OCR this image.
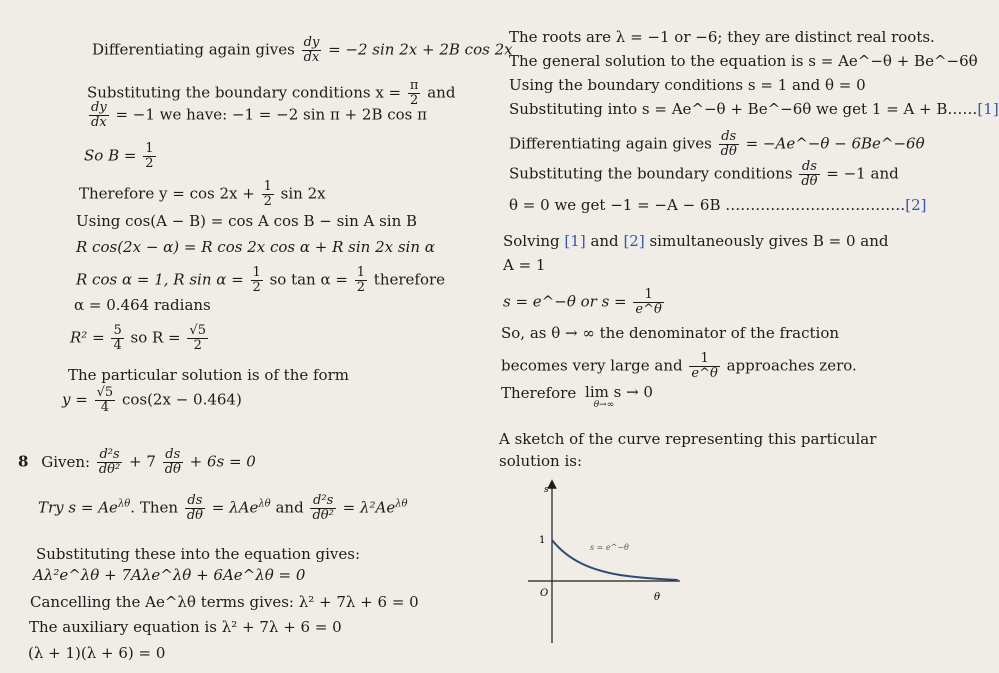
Differentiating again gives $\frac{dy}{dx} = -2$ sin 2x + 2B cos 2x
Substituting the boundary conditions $x = \frac{\pi}{2}$ and
$\frac{dy}{dx} = -1$ we have: −1 = −2 sin π + 2B cos π
So $B = \frac{1}{2}$
Therefore $y = \cos 2x + \frac{1}{2}$ sin 2x
Using cos(A − B) = cos A cos B − sin A sin B
R cos(2x − α) = R cos 2x cos α + R sin 2x sin α
R cos α = 1, R $\sin \alpha = \frac{1}{2}$ so $\tan \alpha = \frac{1}{2}$ therefore
α = 0.464 radians
$R^2 = \frac{5}{4}$ so $R = \frac{√5}{2}$
The particular solution is of the form
$y = \frac{√5}{4} \cos(2x - 0.464)$
8 Given: $\frac{\text{d²s}}{\text{dθ²}} + 7 \frac{ds}{d\theta} + 6s = 0$
Try $s = Ae^{\lambda\theta}$. Then $\frac{ds}{d\theta} = \lambda Ae^{\lambda\theta}$ and $\frac{\text{d²s}}{\text{dθ²}} = \lambda^2Ae^{\lambda\theta}$
Substituting these into the equation gives:
Aλ²e^λθ + 7Aλe^λθ + 6Ae^λθ = 0
Cancelling the Ae^λθ terms gives: λ² + 7λ + 6 = 0
The auxiliary equation is λ² + 7λ + 6 = 0
(λ + 1)(λ + 6) = 0
The roots are λ = −1 or −6; they are distinct real roots.
The general solution to the equation is s = Ae^−θ + Be^−6θ
Using the boundary conditions s = 1 and θ = 0
Substituting into s = Ae^−θ + Be^−6θ we get 1 = A + B……[1]
Differentiating again gives $\frac{ds}{d\theta}$ = −Ae^−θ − 6Be^−6θ
Substituting the boundary conditions $\frac{ds}{d\theta} = -1$ and
θ = 0 we get −1 = −A − 6B ………………………………[2]
Solving [1] and [2] simultaneously gives B = 0 and
A = 1
s = e^−θ or $s = \frac{1}{e\^{}\theta}$
So, as θ → ∞ the denominator of the fraction
becomes very large and $\frac{1}{e\^{}\theta}$ approaches zero.
Therefore lim s → 0
θ→∞
A sketch of the curve representing this particular
solution is:
s
1
O	θ
s = e^−θ
